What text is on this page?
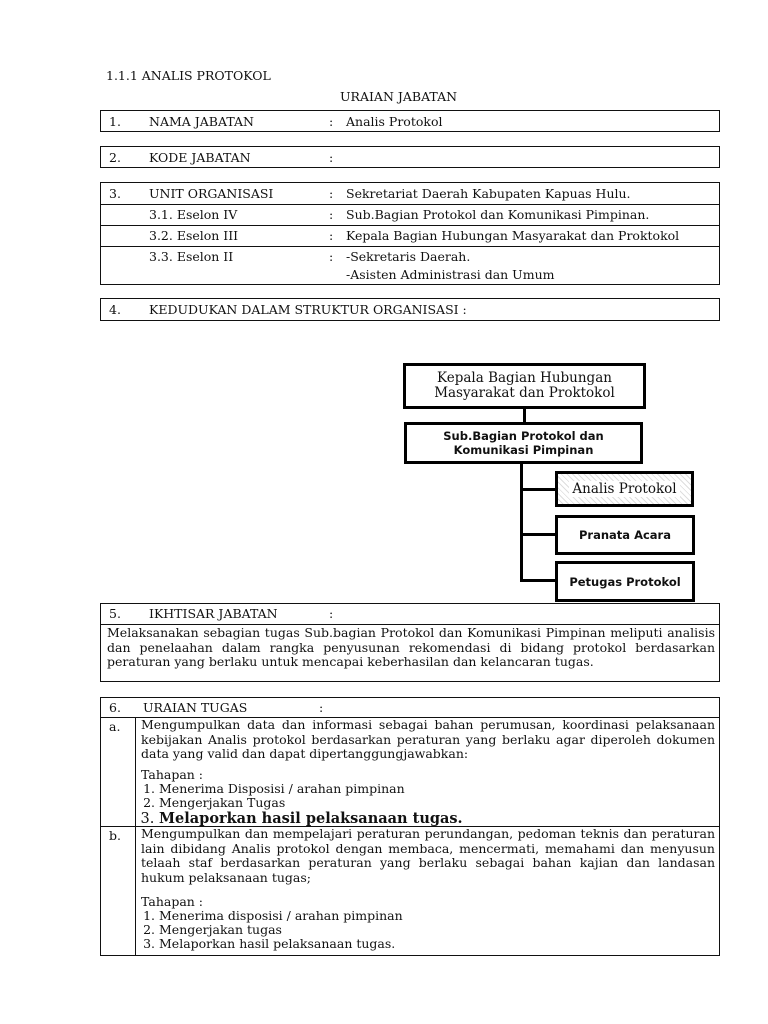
1.1.1 ANALIS PROTOKOL
URAIAN JABATAN
1. NAMA JABATAN	: Analis Protokol
2. KODE JABATAN	:
3. UNIT ORGANISASI	: Sekretariat Daerah Kabupaten Kapuas Hulu.
3.1. Eselon IV	: Sub.Bagian Protokol dan Komunikasi Pimpinan.
3.2. Eselon III	: Kepala Bagian Hubungan Masyarakat dan Proktokol
3.3. Eselon II	: -Sekretaris Daerah.
-Asisten Administrasi dan Umum
4. KEDUDUKAN DALAM STRUKTUR ORGANISASI :
Kepala Bagian Hubungan Masyarakat dan Proktokol
Sub.Bagian Protokol dan Komunikasi Pimpinan
Analis Protokol
Pranata Acara
Petugas Protokol
5. IKHTISAR JABATAN	:
Melaksanakan sebagian tugas Sub.bagian Protokol dan Komunikasi Pimpinan meliputi analisis dan penelaahan dalam rangka penyusunan rekomendasi di bidang protokol berdasarkan peraturan yang berlaku untuk mencapai keberhasilan dan kelancaran tugas.
6. URAIAN TUGAS	:
a. Mengumpulkan data dan informasi sebagai bahan perumusan, koordinasi pelaksanaan kebijakan Analis protokol berdasarkan peraturan yang berlaku agar diperoleh dokumen data yang valid dan dapat dipertanggungjawabkan:
Tahapan :
1. Menerima Disposisi / arahan pimpinan
2. Mengerjakan Tugas
3. Melaporkan hasil pelaksanaan tugas.
b. Mengumpulkan dan mempelajari peraturan perundangan, pedoman teknis dan peraturan lain dibidang Analis protokol dengan membaca, mencermati, memahami dan menyusun telaah staf berdasarkan peraturan yang berlaku sebagai bahan kajian dan landasan hukum pelaksanaan tugas;
Tahapan :
1. Menerima disposisi / arahan pimpinan
2. Mengerjakan tugas
3. Melaporkan hasil pelaksanaan tugas.
